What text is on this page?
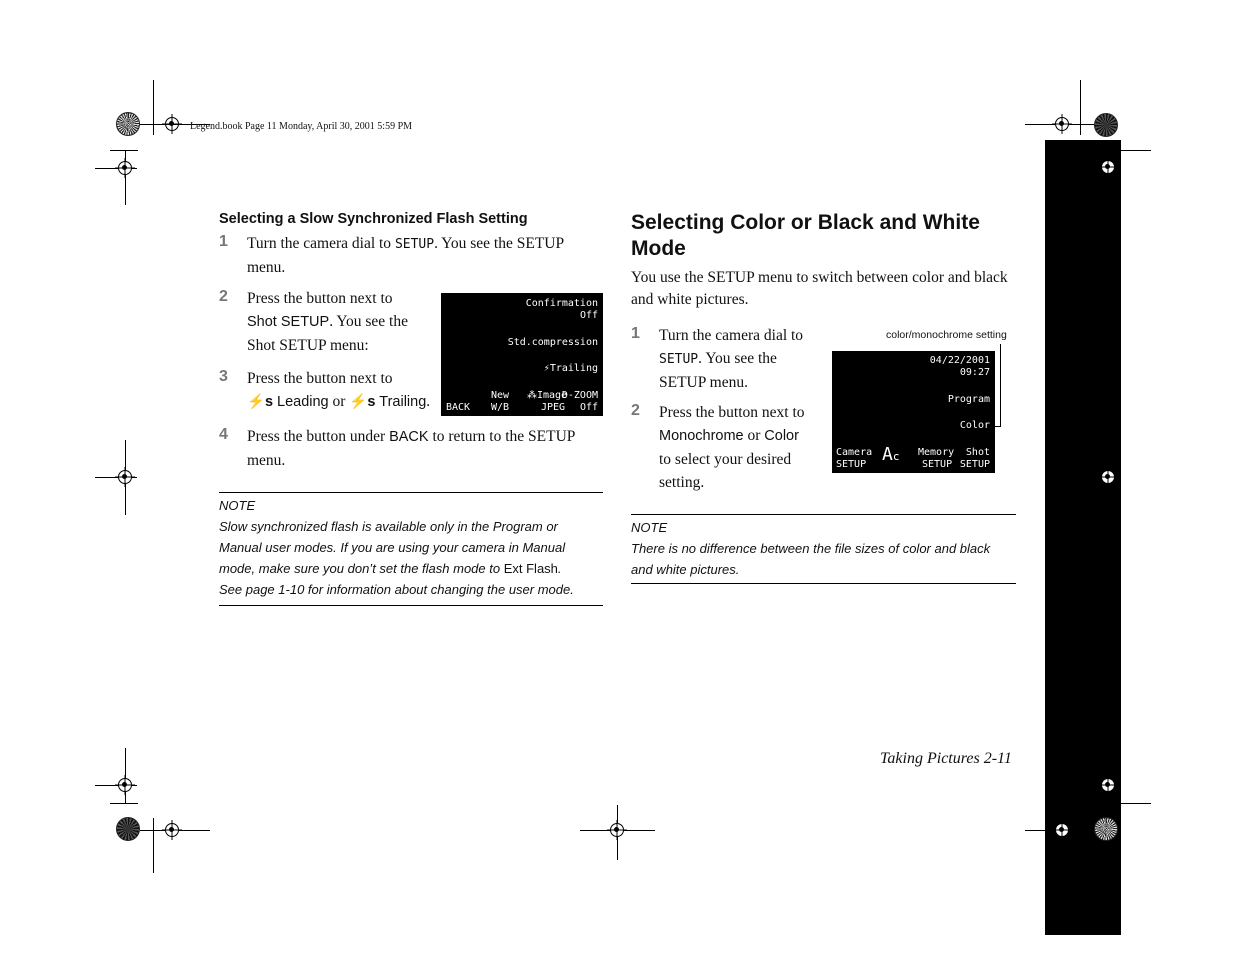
Legend.book Page 11 Monday, April 30, 2001 5:59 PM
Selecting a Slow Synchronized Flash Setting
1 Turn the camera dial to SETUP. You see the SETUP
menu.
2 Press the button next to
Shot SETUP. You see the
Shot SETUP menu:
3 Press the button next to
⚡s Leading or ⚡s Trailing.
Confirmation
Off
Std.compression
⚡Trailing
BACK
New
W/B
⁂Image
JPEG
D-ZOOM
Off
4 Press the button under BACK to return to the SETUP
menu.
NOTE
Slow synchronized flash is available only in the Program or
Manual user modes. If you are using your camera in Manual
mode, make sure you don’t set the flash mode to Ext Flash.
See page 1-10 for information about changing the user mode.
Selecting Color or Black and White
Mode
You use the SETUP menu to switch between color and black
and white pictures.
color/monochrome setting
1 Turn the camera dial to
SETUP. You see the
SETUP menu.
2 Press the button next to
Monochrome or Color
to select your desired
setting.
04/22/2001
09:27
Program
Color
Camera
SETUP Ac Memory
SETUP
Shot
SETUP
NOTE
There is no difference between the file sizes of color and black
and white pictures.
Taking Pictures 2-11
